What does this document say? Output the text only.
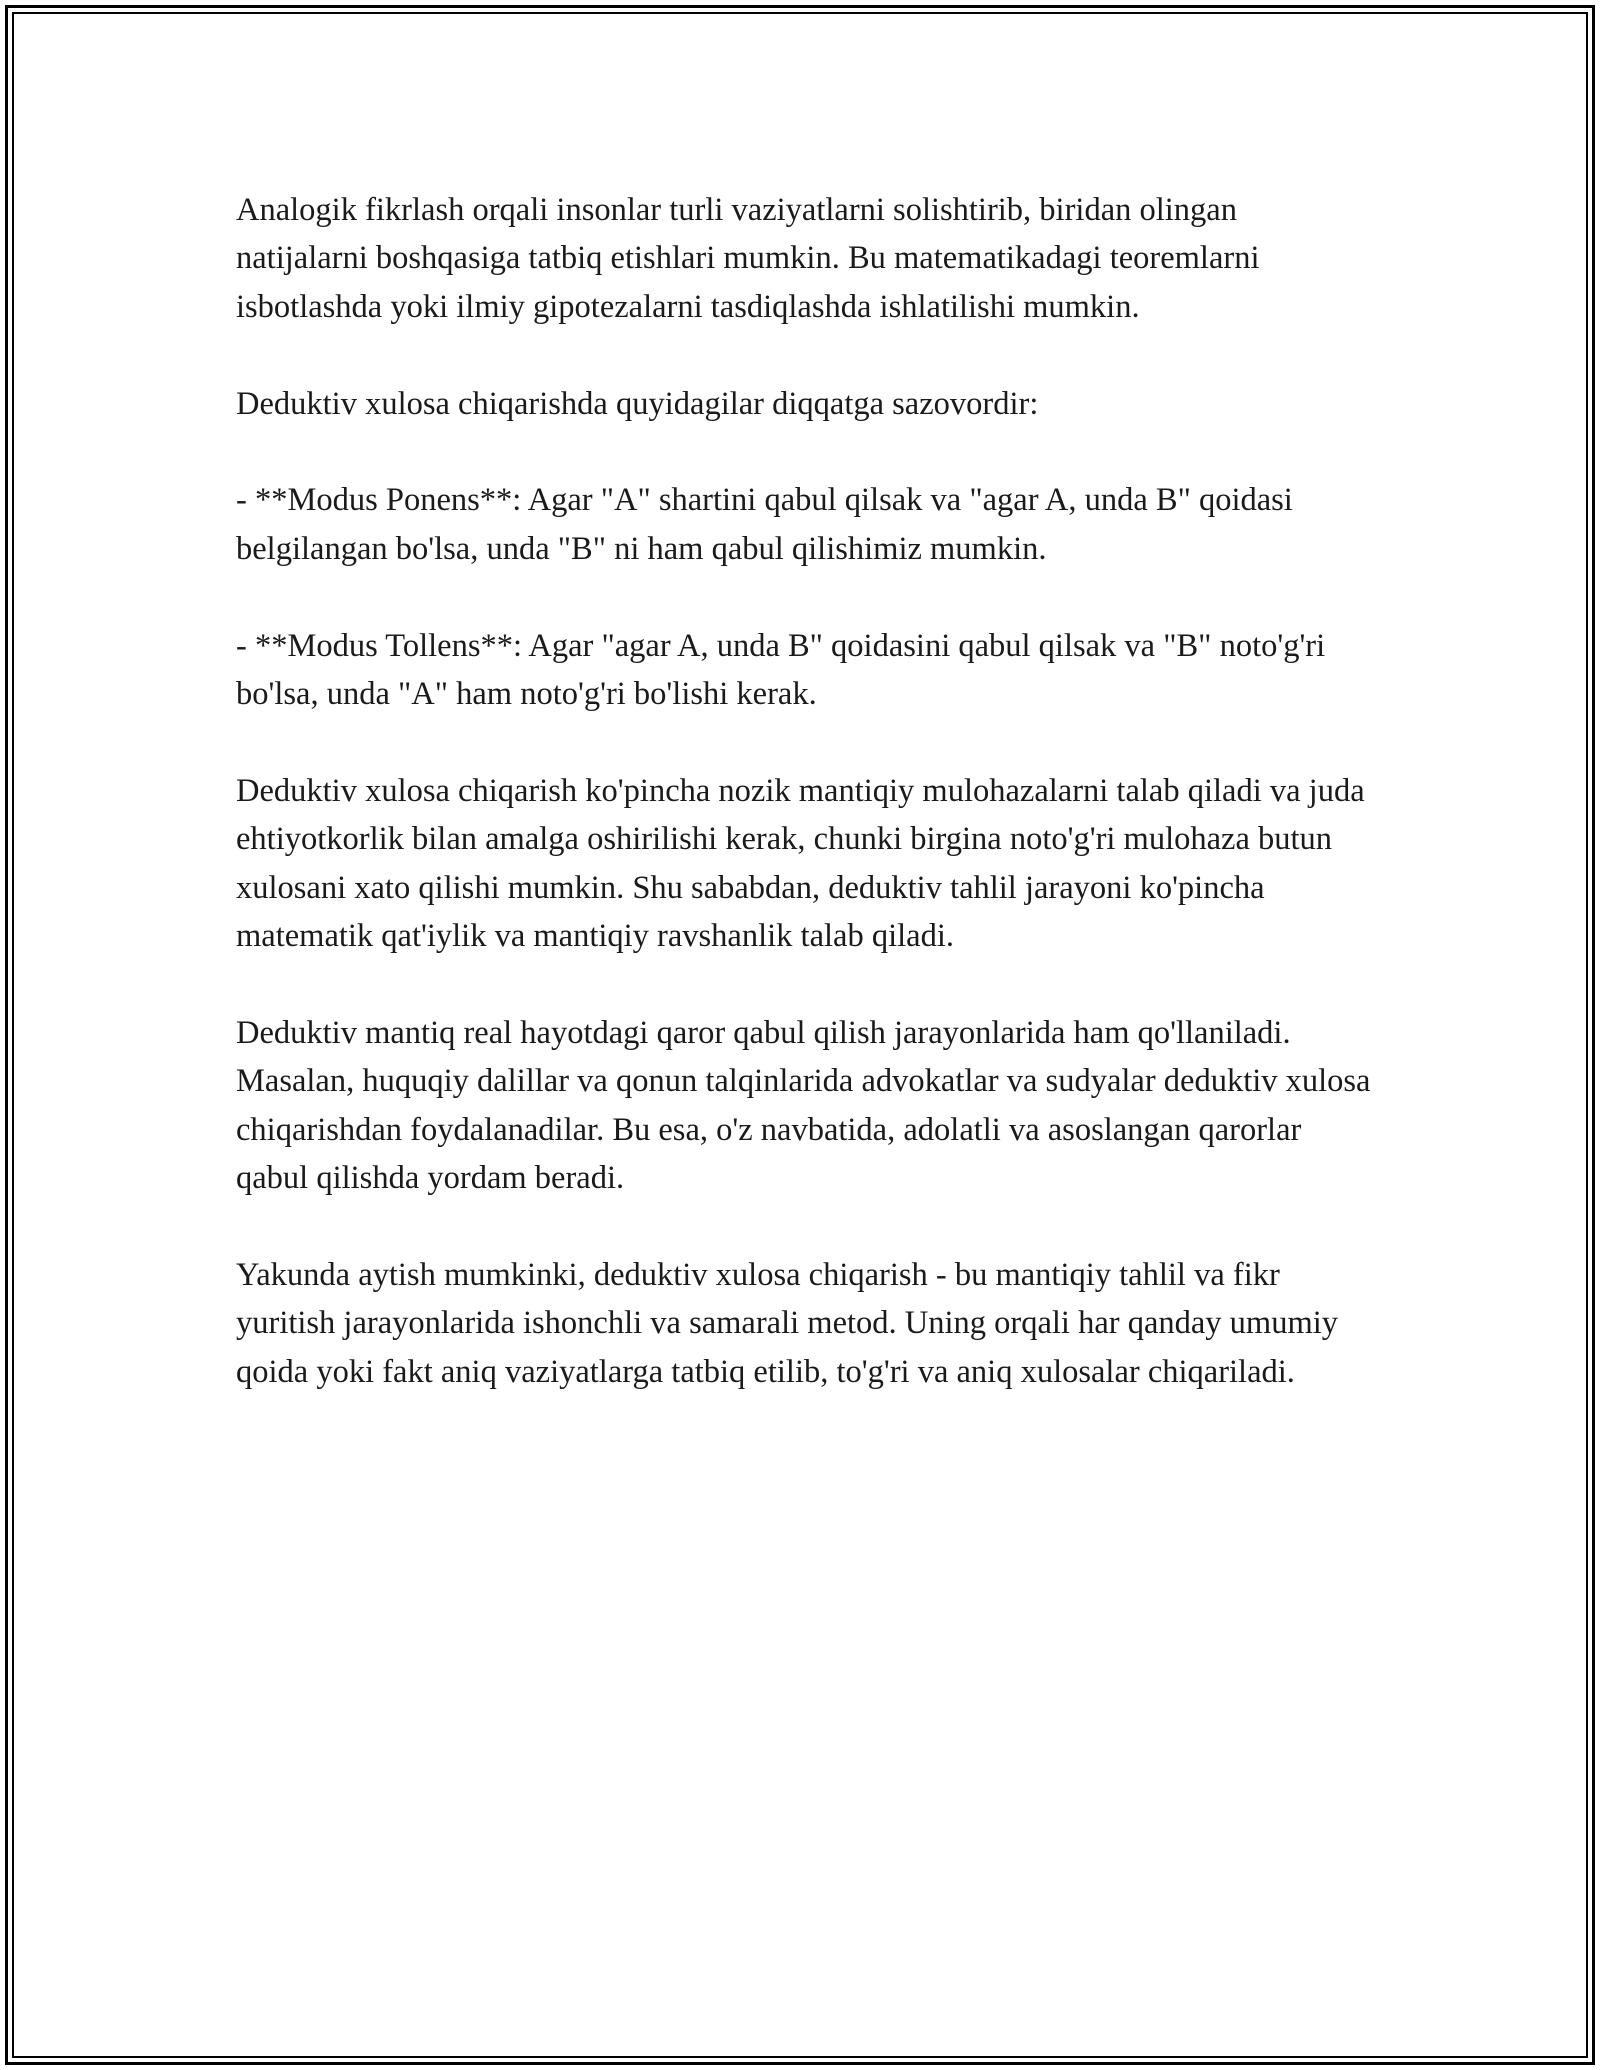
Analogik fikrlash orqali insonlar turli vaziyatlarni solishtirib, biridan olingan natijalarni boshqasiga tatbiq etishlari mumkin. Bu matematikadagi teoremlarni isbotlashda yoki ilmiy gipotezalarni tasdiqlashda ishlatilishi mumkin.

Deduktiv xulosa chiqarishda quyidagilar diqqatga sazovordir:

- **Modus Ponens**: Agar "A" shartini qabul qilsak va "agar A, unda B" qoidasi belgilangan bo'lsa, unda "B" ni ham qabul qilishimiz mumkin.

- **Modus Tollens**: Agar "agar A, unda B" qoidasini qabul qilsak va "B" noto'g'ri bo'lsa, unda "A" ham noto'g'ri bo'lishi kerak.

Deduktiv xulosa chiqarish ko'pincha nozik mantiqiy mulohazalarni talab qiladi va juda ehtiyotkorlik bilan amalga oshirilishi kerak, chunki birgina noto'g'ri mulohaza butun xulosani xato qilishi mumkin. Shu sababdan, deduktiv tahlil jarayoni ko'pincha matematik qat'iylik va mantiqiy ravshanlik talab qiladi.

Deduktiv mantiq real hayotdagi qaror qabul qilish jarayonlarida ham qo'llaniladi. Masalan, huquqiy dalillar va qonun talqinlarida advokatlar va sudyalar deduktiv xulosa chiqarishdan foydalanadilar. Bu esa, o'z navbatida, adolatli va asoslangan qarorlar qabul qilishda yordam beradi.

Yakunda aytish mumkinki, deduktiv xulosa chiqarish - bu mantiqiy tahlil va fikr yuritish jarayonlarida ishonchli va samarali metod. Uning orqali har qanday umumiy qoida yoki fakt aniq vaziyatlarga tatbiq etilib, to'g'ri va aniq xulosalar chiqariladi.
